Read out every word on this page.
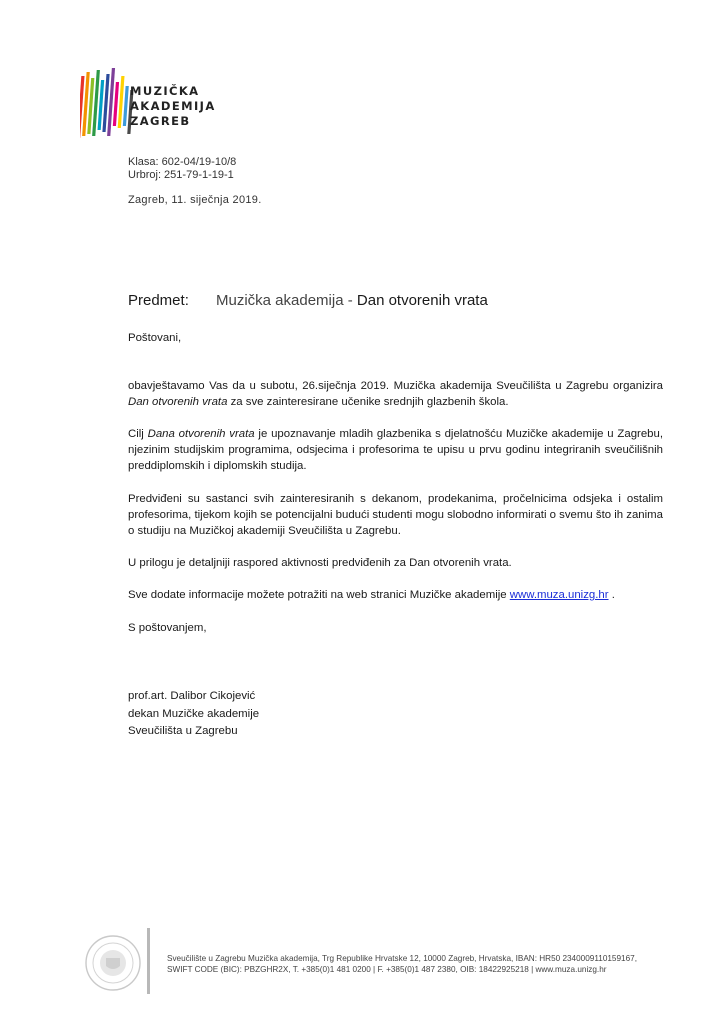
MUZIČKA
AKADEMIJA
ZAGREB
Klasa: 602-04/19-10/8
Urbroj: 251-79-1-19-1
Zagreb, 11. siječnja 2019.
Predmet: Muzička akademija - Dan otvorenih vrata
Poštovani,
obavještavamo Vas da u subotu, 26.siječnja 2019. Muzička akademija Sveučilišta u Zagrebu organizira Dan otvorenih vrata za sve zainteresirane učenike srednjih glazbenih škola.
Cilj Dana otvorenih vrata je upoznavanje mladih glazbenika s djelatnošću Muzičke akademije u Zagrebu, njezinim studijskim programima, odsjecima i profesorima te upisu u prvu godinu integriranih sveučilišnih preddiplomskih i diplomskih studija.
Predviđeni su sastanci svih zainteresiranih s dekanom, prodekanima, pročelnicima odsjeka i ostalim profesorima, tijekom kojih se potencijalni budući studenti mogu slobodno informirati o svemu što ih zanima o studiju na Muzičkoj akademiji Sveučilišta u Zagrebu.
U prilogu je detaljniji raspored aktivnosti predviđenih za Dan otvorenih vrata.
Sve dodate informacije možete potražiti na web stranici Muzičke akademije www.muza.unizg.hr .
S poštovanjem,
prof.art. Dalibor Cikojević
dekan Muzičke akademije
Sveučilišta u Zagrebu
Sveučilište u Zagrebu Muzička akademija, Trg Republike Hrvatske 12, 10000 Zagreb, Hrvatska, IBAN: HR50 2340009110159167,
SWIFT CODE (BIC): PBZGHR2X, T. +385(0)1 481 0200 | F. +385(0)1 487 2380, OIB: 18422925218 | www.muza.unizg.hr
